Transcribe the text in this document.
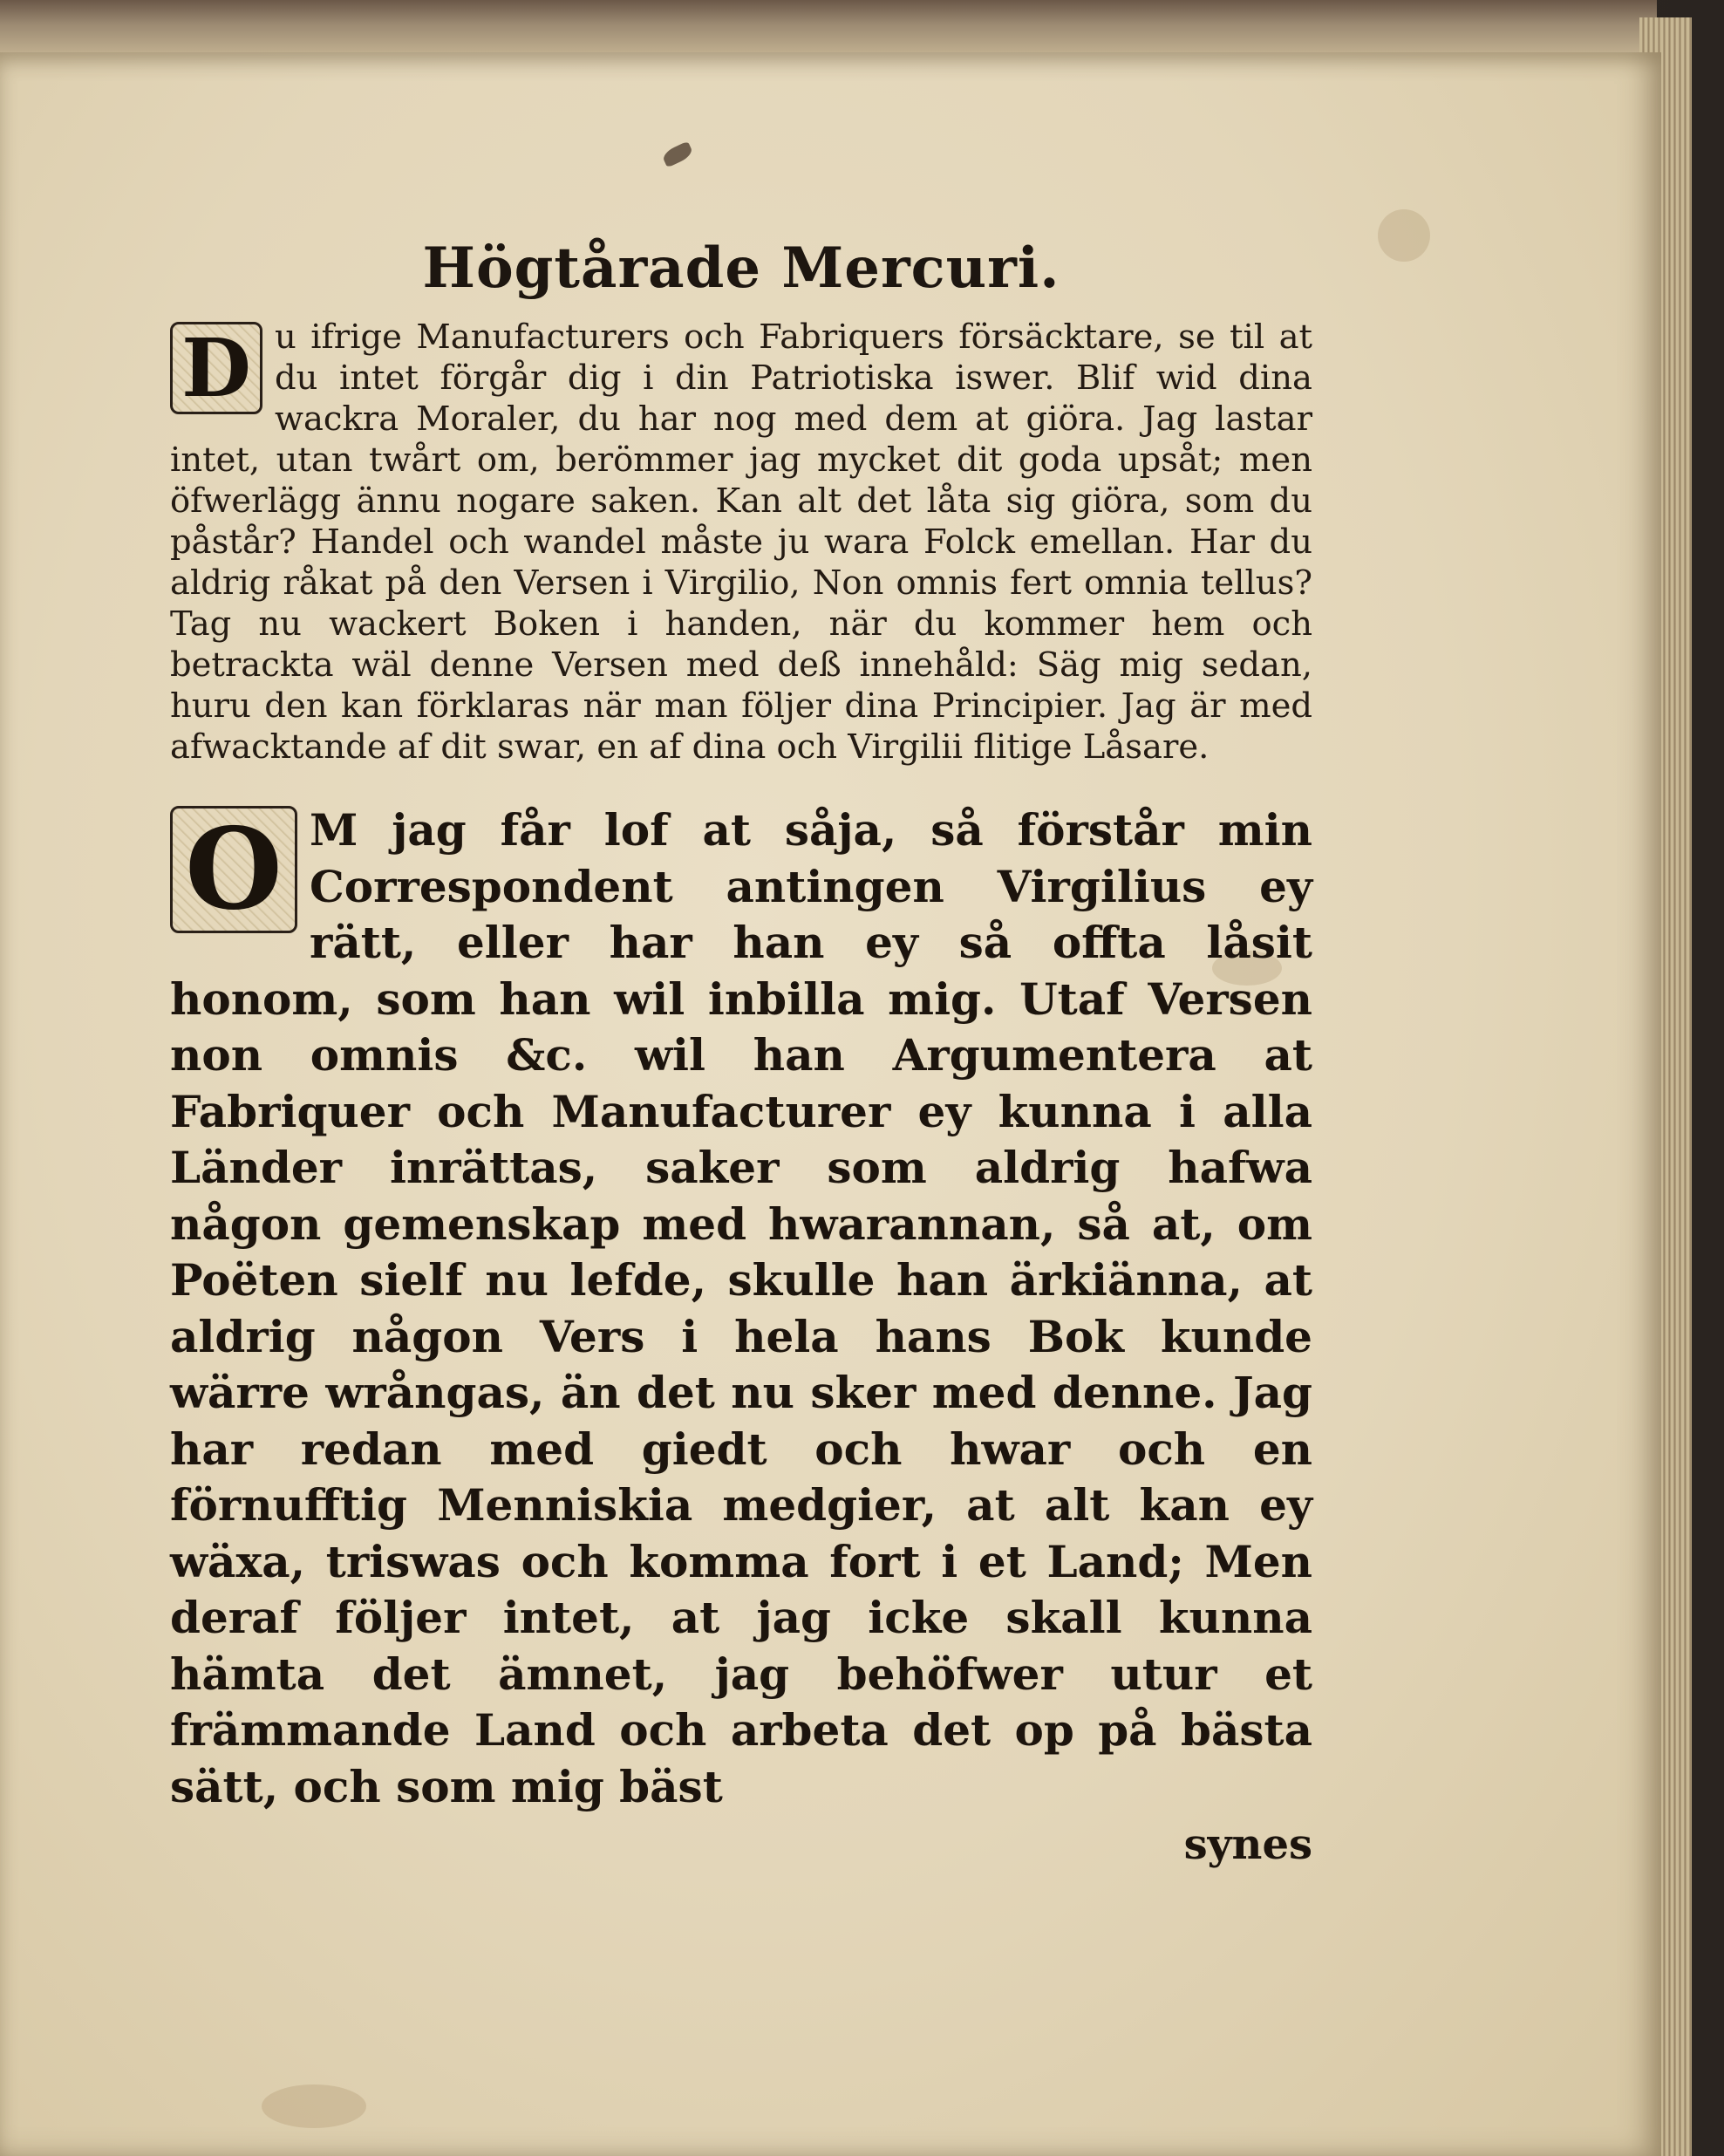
Högtårade Mercuri.

D u ifrige Manufacturers och Fabriquers försäcktare, se til at du intet förgår dig i din Patriotiska iswer. Blif wid dina wackra Moraler, du har nog med dem at giöra. Jag lastar intet, utan twårt om, berömmer jag mycket dit goda upsåt; men öfwerlägg ännu nogare saken. Kan alt det låta sig giöra, som du påstår? Handel och wandel måste ju wara Folck emellan. Har du aldrig råkat på den Versen i Virgilio, Non omnis fert omnia tellus? Tag nu wackert Boken i handen, när du kommer hem och betrackta wäl denne Versen med deß innehåld: Säg mig sedan, huru den kan förklaras när man följer dina Principier. Jag är med afwacktande af dit swar, en af dina och Virgilii flitige Låsare.

O M jag får lof at såja, så förstår min Correspondent antingen Virgilius ey rätt, eller har han ey så offta låsit honom, som han wil inbilla mig. Utaf Versen non omnis &c. wil han Argumentera at Fabriquer och Manufacturer ey kunna i alla Länder inrättas, saker som aldrig hafwa någon gemenskap med hwarannan, så at, om Poëten sielf nu lefde, skulle han ärkiänna, at aldrig någon Vers i hela hans Bok kunde wärre wrångas, än det nu sker med denne. Jag har redan med giedt och hwar och en förnufftig Menniskia medgier, at alt kan ey wäxa, triswas och komma fort i et Land; Men deraf följer intet, at jag icke skall kunna hämta det ämnet, jag behöfwer utur et främmande Land och arbeta det op på bästa sätt, och som mig bäst

synes
